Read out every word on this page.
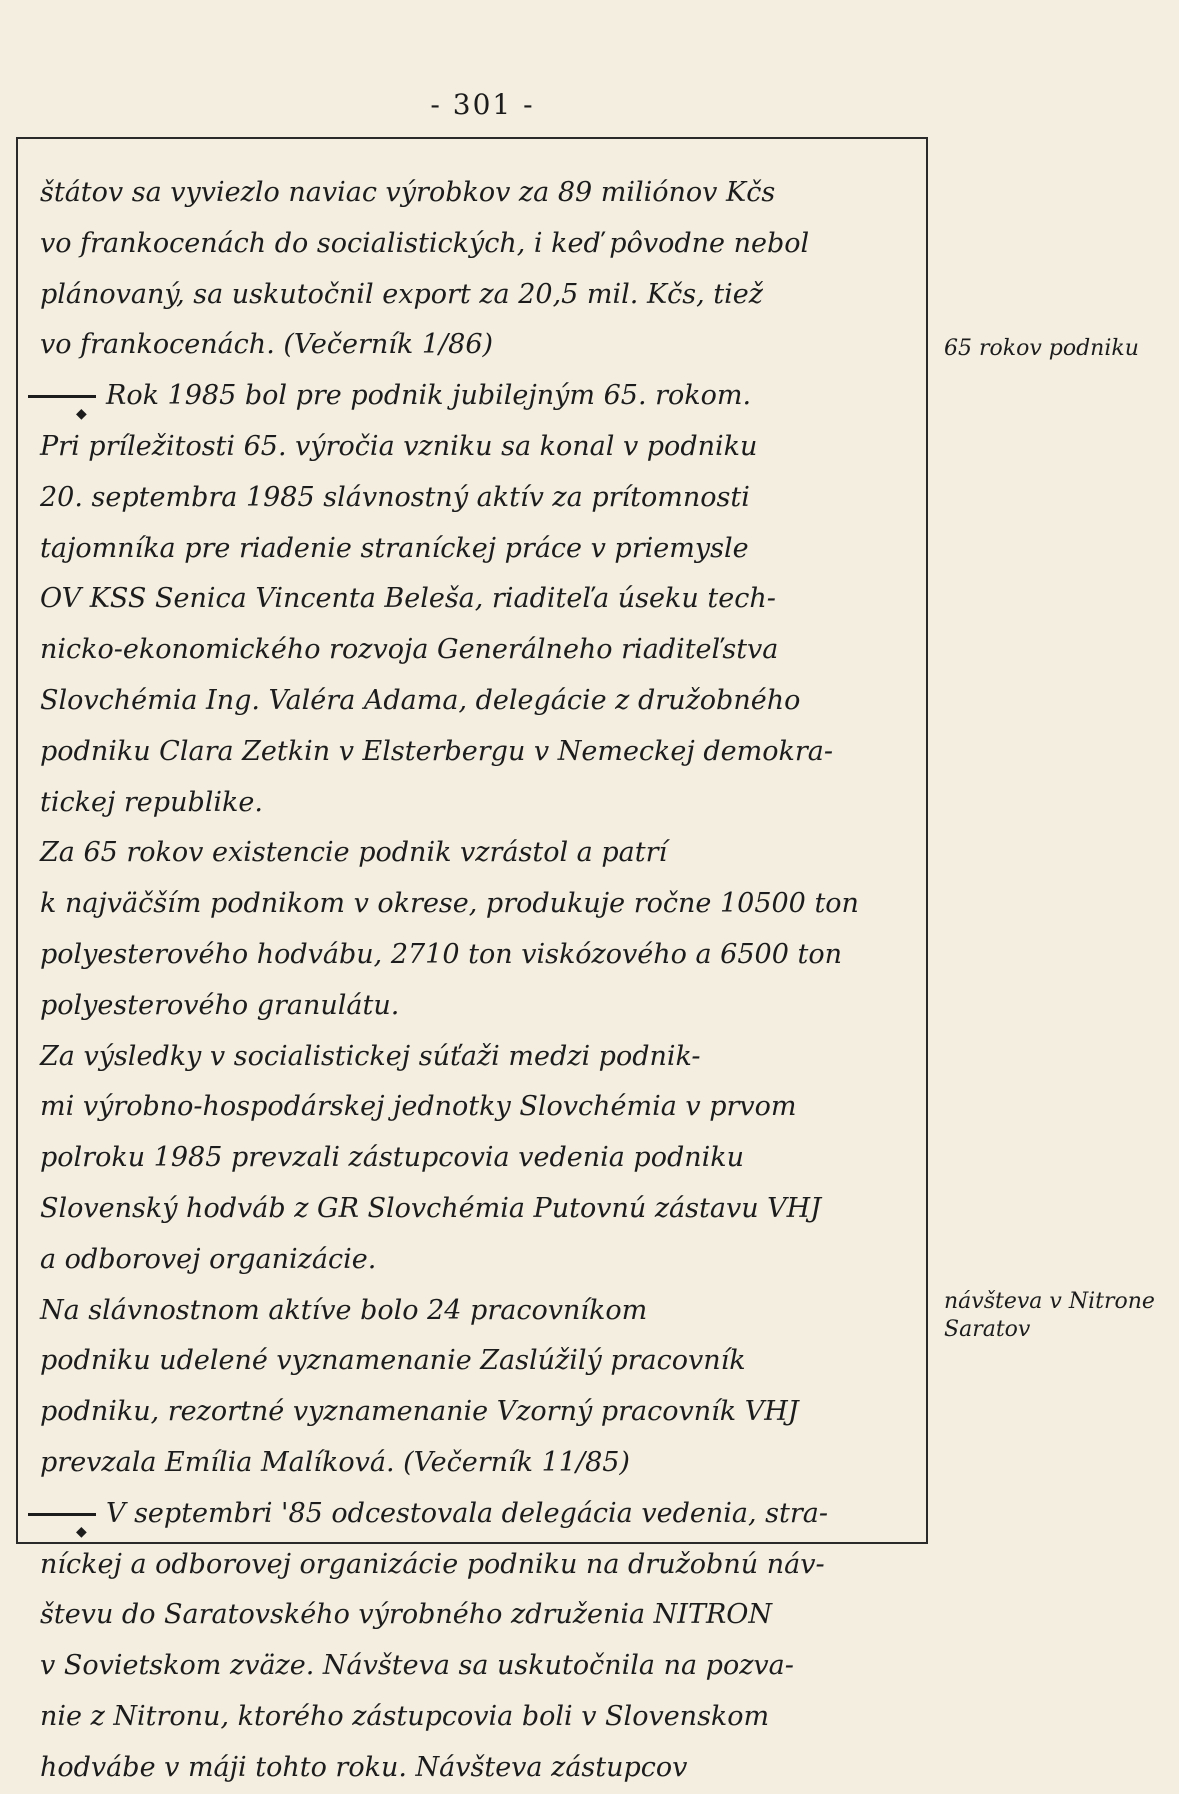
- 301 -
štátov sa vyviezlo naviac výrobkov za 89 miliónov Kčs
vo frankocenách do socialistických, i keď pôvodne nebol
plánovaný, sa uskutočnil export za 20,5 mil. Kčs, tiež
vo frankocenách. (Večerník 1/86)
◆
Rok 1985 bol pre podnik jubilejným 65. rokom.
Pri príležitosti 65. výročia vzniku sa konal v podniku
20. septembra 1985 slávnostný aktív za prítomnosti
tajomníka pre riadenie straníckej práce v priemysle
OV KSS Senica Vincenta Beleša, riaditeľa úseku tech-
nicko-ekonomického rozvoja Generálneho riaditeľstva
Slovchémia Ing. Valéra Adama, delegácie z družobného
podniku Clara Zetkin v Elsterbergu v Nemeckej demokra-
tickej republike.
Za 65 rokov existencie podnik vzrástol a patrí
k najväčším podnikom v okrese, produkuje ročne 10500 ton
polyesterového hodvábu, 2710 ton viskózového a 6500 ton
polyesterového granulátu.
Za výsledky v socialistickej súťaži medzi podnik-
mi výrobno-hospodárskej jednotky Slovchémia v prvom
polroku 1985 prevzali zástupcovia vedenia podniku
Slovenský hodváb z GR Slovchémia Putovnú zástavu VHJ
a odborovej organizácie.
Na slávnostnom aktíve bolo 24 pracovníkom
podniku udelené vyznamenanie Zaslúžilý pracovník
podniku, rezortné vyznamenanie Vzorný pracovník VHJ
prevzala Emília Malíková. (Večerník 11/85)
◆
V septembri '85 odcestovala delegácia vedenia, stra-
níckej a odborovej organizácie podniku na družobnú náv-
števu do Saratovského výrobného združenia NITRON
v Sovietskom zväze. Návšteva sa uskutočnila na pozva-
nie z Nitronu, ktorého zástupcovia boli v Slovenskom
hodvábe v máji tohto roku. Návšteva zástupcov
65 rokov podniku
návšteva v Nitrone Saratov
